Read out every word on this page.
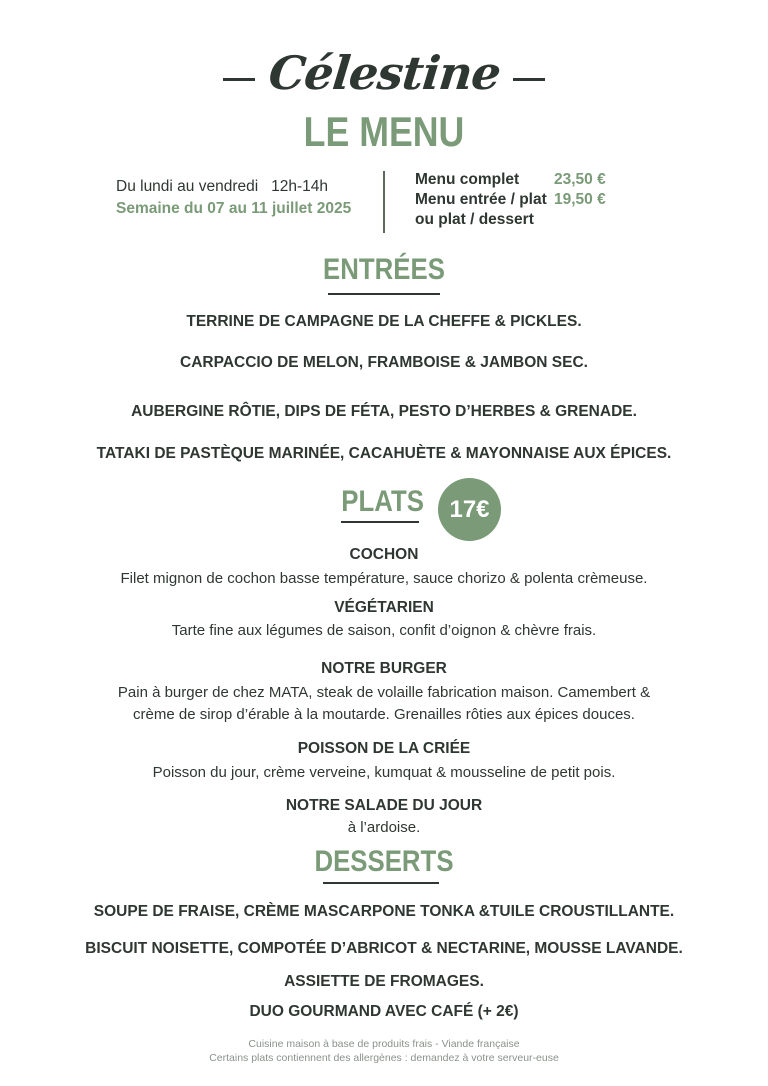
Célestine
LE MENU
Du lundi au vendredi 12h-14h
Semaine du 07 au 11 juillet 2025
Menu complet	23,50 €
Menu entrée / plat 19,50 €
ou plat / dessert
ENTRÉES
TERRINE DE CAMPAGNE DE LA CHEFFE & PICKLES.
CARPACCIO DE MELON, FRAMBOISE & JAMBON SEC.
AUBERGINE RÔTIE, DIPS DE FÉTA, PESTO D’HERBES & GRENADE.
TATAKI DE PASTÈQUE MARINÉE, CACAHUÈTE & MAYONNAISE AUX ÉPICES.
PLATS	17€
COCHON
Filet mignon de cochon basse température, sauce chorizo & polenta crèmeuse.
VÉGÉTARIEN
Tarte fine aux légumes de saison, confit d’oignon & chèvre frais.
NOTRE BURGER
Pain à burger de chez MATA, steak de volaille fabrication maison. Camembert &
crème de sirop d’érable à la moutarde. Grenailles rôties aux épices douces.
POISSON DE LA CRIÉE
Poisson du jour, crème verveine, kumquat & mousseline de petit pois.
NOTRE SALADE DU JOUR
à l’ardoise.
DESSERTS
SOUPE DE FRAISE, CRÈME MASCARPONE TONKA &TUILE CROUSTILLANTE.
BISCUIT NOISETTE, COMPOTÉE D’ABRICOT & NECTARINE, MOUSSE LAVANDE.
ASSIETTE DE FROMAGES.
DUO GOURMAND AVEC CAFÉ (+ 2€)
Cuisine maison à base de produits frais - Viande française
Certains plats contiennent des allergènes : demandez à votre serveur-euse
